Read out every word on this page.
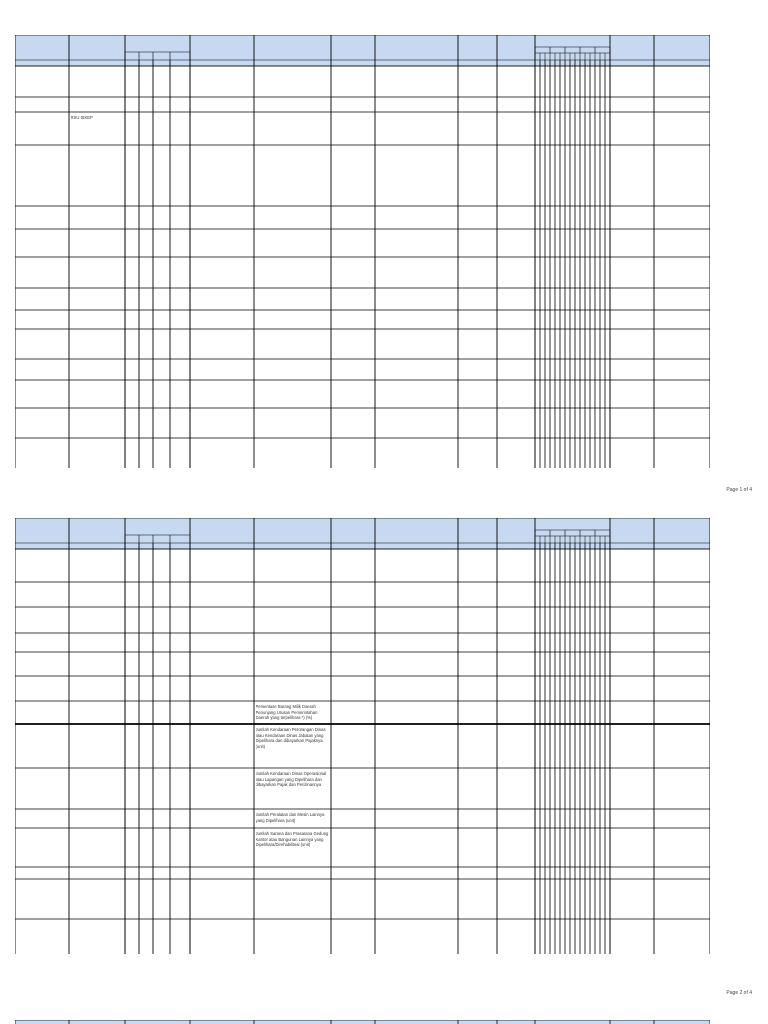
RSU SIKEP
Page 1 of 4
Persentase Barang Milik Daerah
Penunjang Urusan Pemerintahan
Daerah yang terpelihara *) (%)
Jumlah Kendaraan Perorangan Dinas
atau Kendaraan Dinas Jabatan yang
Dipelihara dan dibayarkan Pajaknya
(unit)
Jumlah Kendaraan Dinas Operasional
atau Lapangan yang Dipelihara dan
dibayarkan Pajak dan Perizinannya
Jumlah Peralatan dan Mesin Lainnya
yang Dipelihara (unit)
Jumlah Sarana dan Prasarana Gedung
Kantor atau Bangunan Lainnya yang
Dipelihara/Direhabilitasi (unit)
Page 2 of 4
